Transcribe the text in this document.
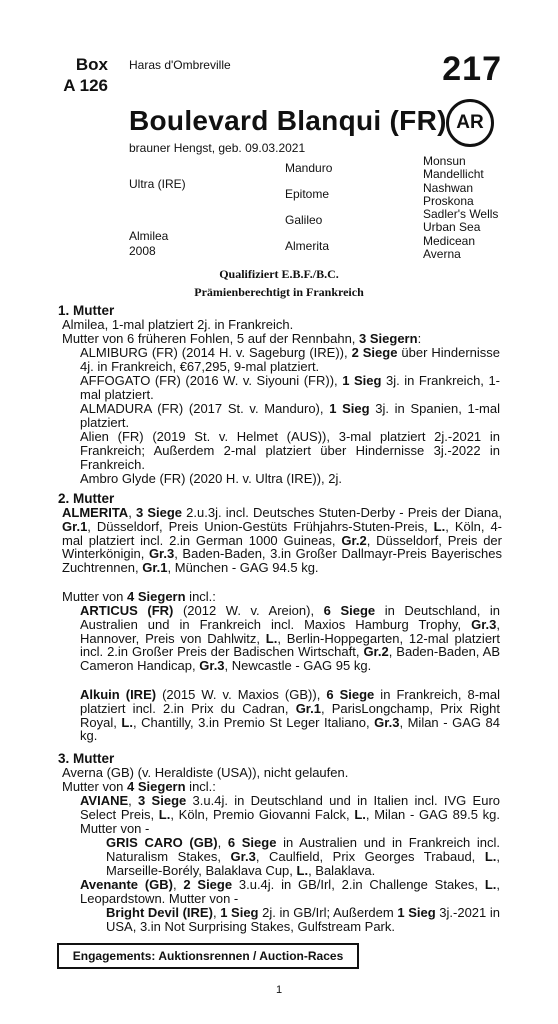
Box
A 126
Haras d'Ombreville	217
Boulevard Blanqui (FR) AR
brauner Hengst, geb. 09.03.2021
Ultra (IRE)
Almilea
2008
Manduro
Epitome
Galileo
Almerita
Monsun
Mandellicht
Nashwan
Proskona
Sadler's Wells
Urban Sea
Medicean
Averna
Qualifiziert E.B.F./B.C.
Prämienberechtigt in Frankreich
1. Mutter
Almilea, 1-mal platziert 2j. in Frankreich.
Mutter von 6 früheren Fohlen, 5 auf der Rennbahn, 3 Siegern:
ALMIBURG (FR) (2014 H. v. Sageburg (IRE)), 2 Siege über Hindernisse 4j. in Frankreich, €67,295, 9-mal platziert.
AFFOGATO (FR) (2016 W. v. Siyouni (FR)), 1 Sieg 3j. in Frankreich, 1-mal platziert.
ALMADURA (FR) (2017 St. v. Manduro), 1 Sieg 3j. in Spanien, 1-mal platziert.
Alien (FR) (2019 St. v. Helmet (AUS)), 3-mal platziert 2j.-2021 in Frankreich; Außerdem 2-mal platziert über Hindernisse 3j.-2022 in Frankreich.
Ambro Glyde (FR) (2020 H. v. Ultra (IRE)), 2j.
2. Mutter
ALMERITA, 3 Siege 2.u.3j. incl. Deutsches Stuten-Derby - Preis der Diana, Gr.1, Düsseldorf, Preis Union-Gestüts Frühjahrs-Stuten-Preis, L., Köln, 4-mal platziert incl. 2.in German 1000 Guineas, Gr.2, Düsseldorf, Preis der Winterkönigin, Gr.3, Baden-Baden, 3.in Großer Dallmayr-Preis Bayerisches Zuchtrennen, Gr.1, München - GAG 94.5 kg.
Mutter von 4 Siegern incl.:
ARTICUS (FR) (2012 W. v. Areion), 6 Siege in Deutschland, in Australien und in Frankreich incl. Maxios Hamburg Trophy, Gr.3, Hannover, Preis von Dahlwitz, L., Berlin-Hoppegarten, 12-mal platziert incl. 2.in Großer Preis der Badischen Wirtschaft, Gr.2, Baden-Baden, AB Cameron Handicap, Gr.3, Newcastle - GAG 95 kg.
Alkuin (IRE) (2015 W. v. Maxios (GB)), 6 Siege in Frankreich, 8-mal platziert incl. 2.in Prix du Cadran, Gr.1, ParisLongchamp, Prix Right Royal, L., Chantilly, 3.in Premio St Leger Italiano, Gr.3, Milan - GAG 84 kg.
3. Mutter
Averna (GB) (v. Heraldiste (USA)), nicht gelaufen.
Mutter von 4 Siegern incl.:
AVIANE, 3 Siege 3.u.4j. in Deutschland und in Italien incl. IVG Euro Select Preis, L., Köln, Premio Giovanni Falck, L., Milan - GAG 89.5 kg. Mutter von -
GRIS CARO (GB), 6 Siege in Australien und in Frankreich incl. Naturalism Stakes, Gr.3, Caulfield, Prix Georges Trabaud, L., Marseille-Borély, Balaklava Cup, L., Balaklava.
Avenante (GB), 2 Siege 3.u.4j. in GB/Irl, 2.in Challenge Stakes, L., Leopardstown. Mutter von -
Bright Devil (IRE), 1 Sieg 2j. in GB/Irl; Außerdem 1 Sieg 3j.-2021 in USA, 3.in Not Surprising Stakes, Gulfstream Park.
Engagements: Auktionsrennen / Auction-Races
1
